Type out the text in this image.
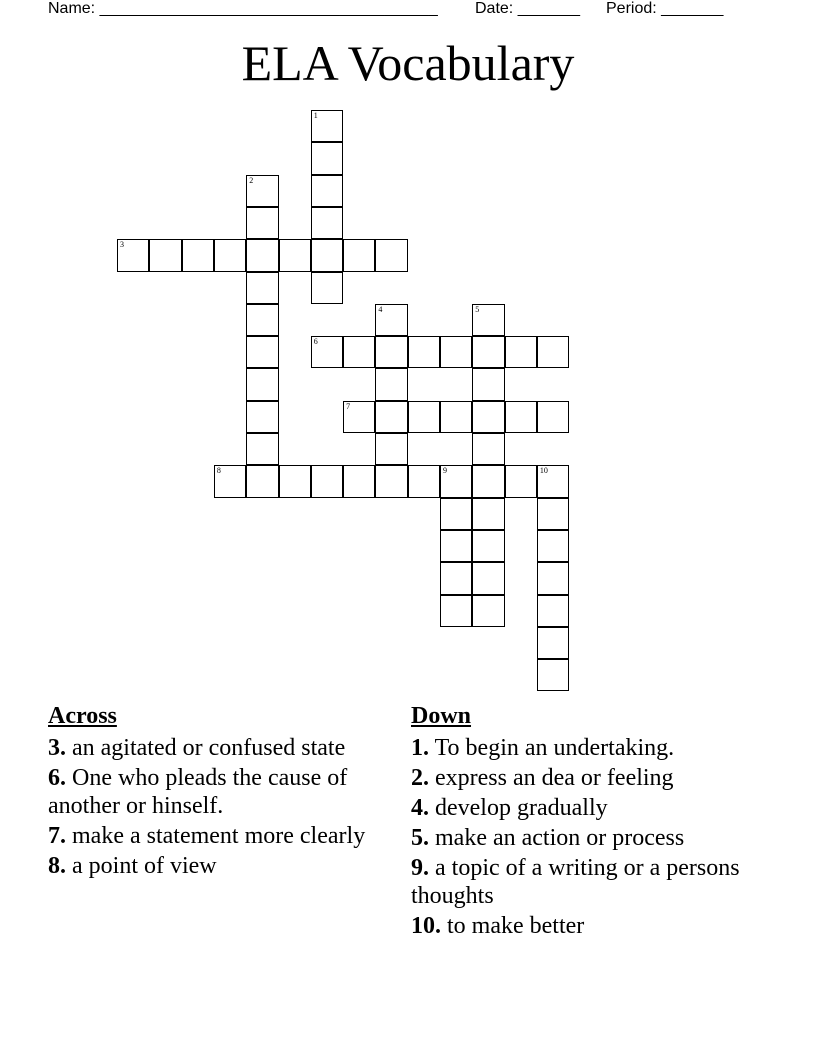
Name: ______________________________________

Date: _______

Period: _______

ELA Vocabulary
1
2
3
4	5
6
7
8	9	10
Across
3. an agitated or confused state
6. One who pleads the cause of another or hinself.
7. make a statement more clearly
8. a point of view
Down
1. To begin an undertaking.
2. express an dea or feeling
4. develop gradually
5. make an action or process
9. a topic of a writing or a persons thoughts
10. to make better
